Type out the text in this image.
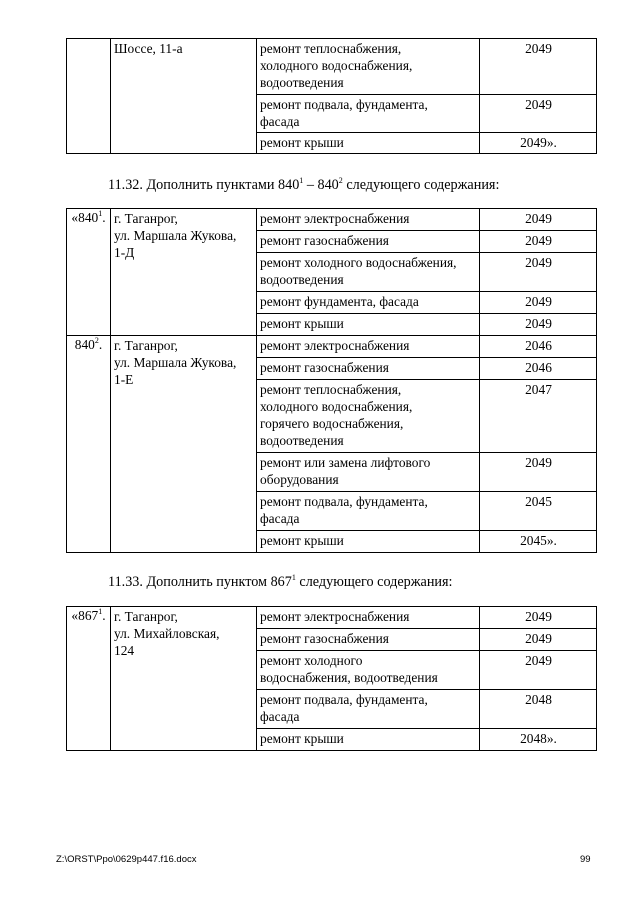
	Шоссе, 11-а	ремонт теплоснабжения,
холодного водоснабжения,
водоотведения	2049
		ремонт подвала, фундамента,
фасада	2049
		ремонт крыши	2049».
11.32. Дополнить пунктами $840^1 - 840^2$ следующего содержания:
«$840^1$.	г. Таганрог,
ул. Маршала Жукова,
1-Д	ремонт электроснабжения	2049
		ремонт газоснабжения	2049
		ремонт холодного водоснабжения,
водоотведения	2049
		ремонт фундамента, фасада	2049
		ремонт крыши	2049
$840^2$.	г. Таганрог,
ул. Маршала Жукова,
1-Е	ремонт электроснабжения	2046
		ремонт газоснабжения	2046
		ремонт теплоснабжения,
холодного водоснабжения,
горячего водоснабжения,
водоотведения	2047
		ремонт или замена лифтового
оборудования	2049
		ремонт подвала, фундамента,
фасада	2045
		ремонт крыши	2045».
11.33. Дополнить пунктом $867^1$ следующего содержания:
«$867^1$.	г. Таганрог,
ул. Михайловская,
124	ремонт электроснабжения	2049
		ремонт газоснабжения	2049
		ремонт холодного
водоснабжения, водоотведения	2049
		ремонт подвала, фундамента,
фасада	2048
		ремонт крыши	2048».
Z:\ORST\Ppo\0629p447.f16.docx	99
